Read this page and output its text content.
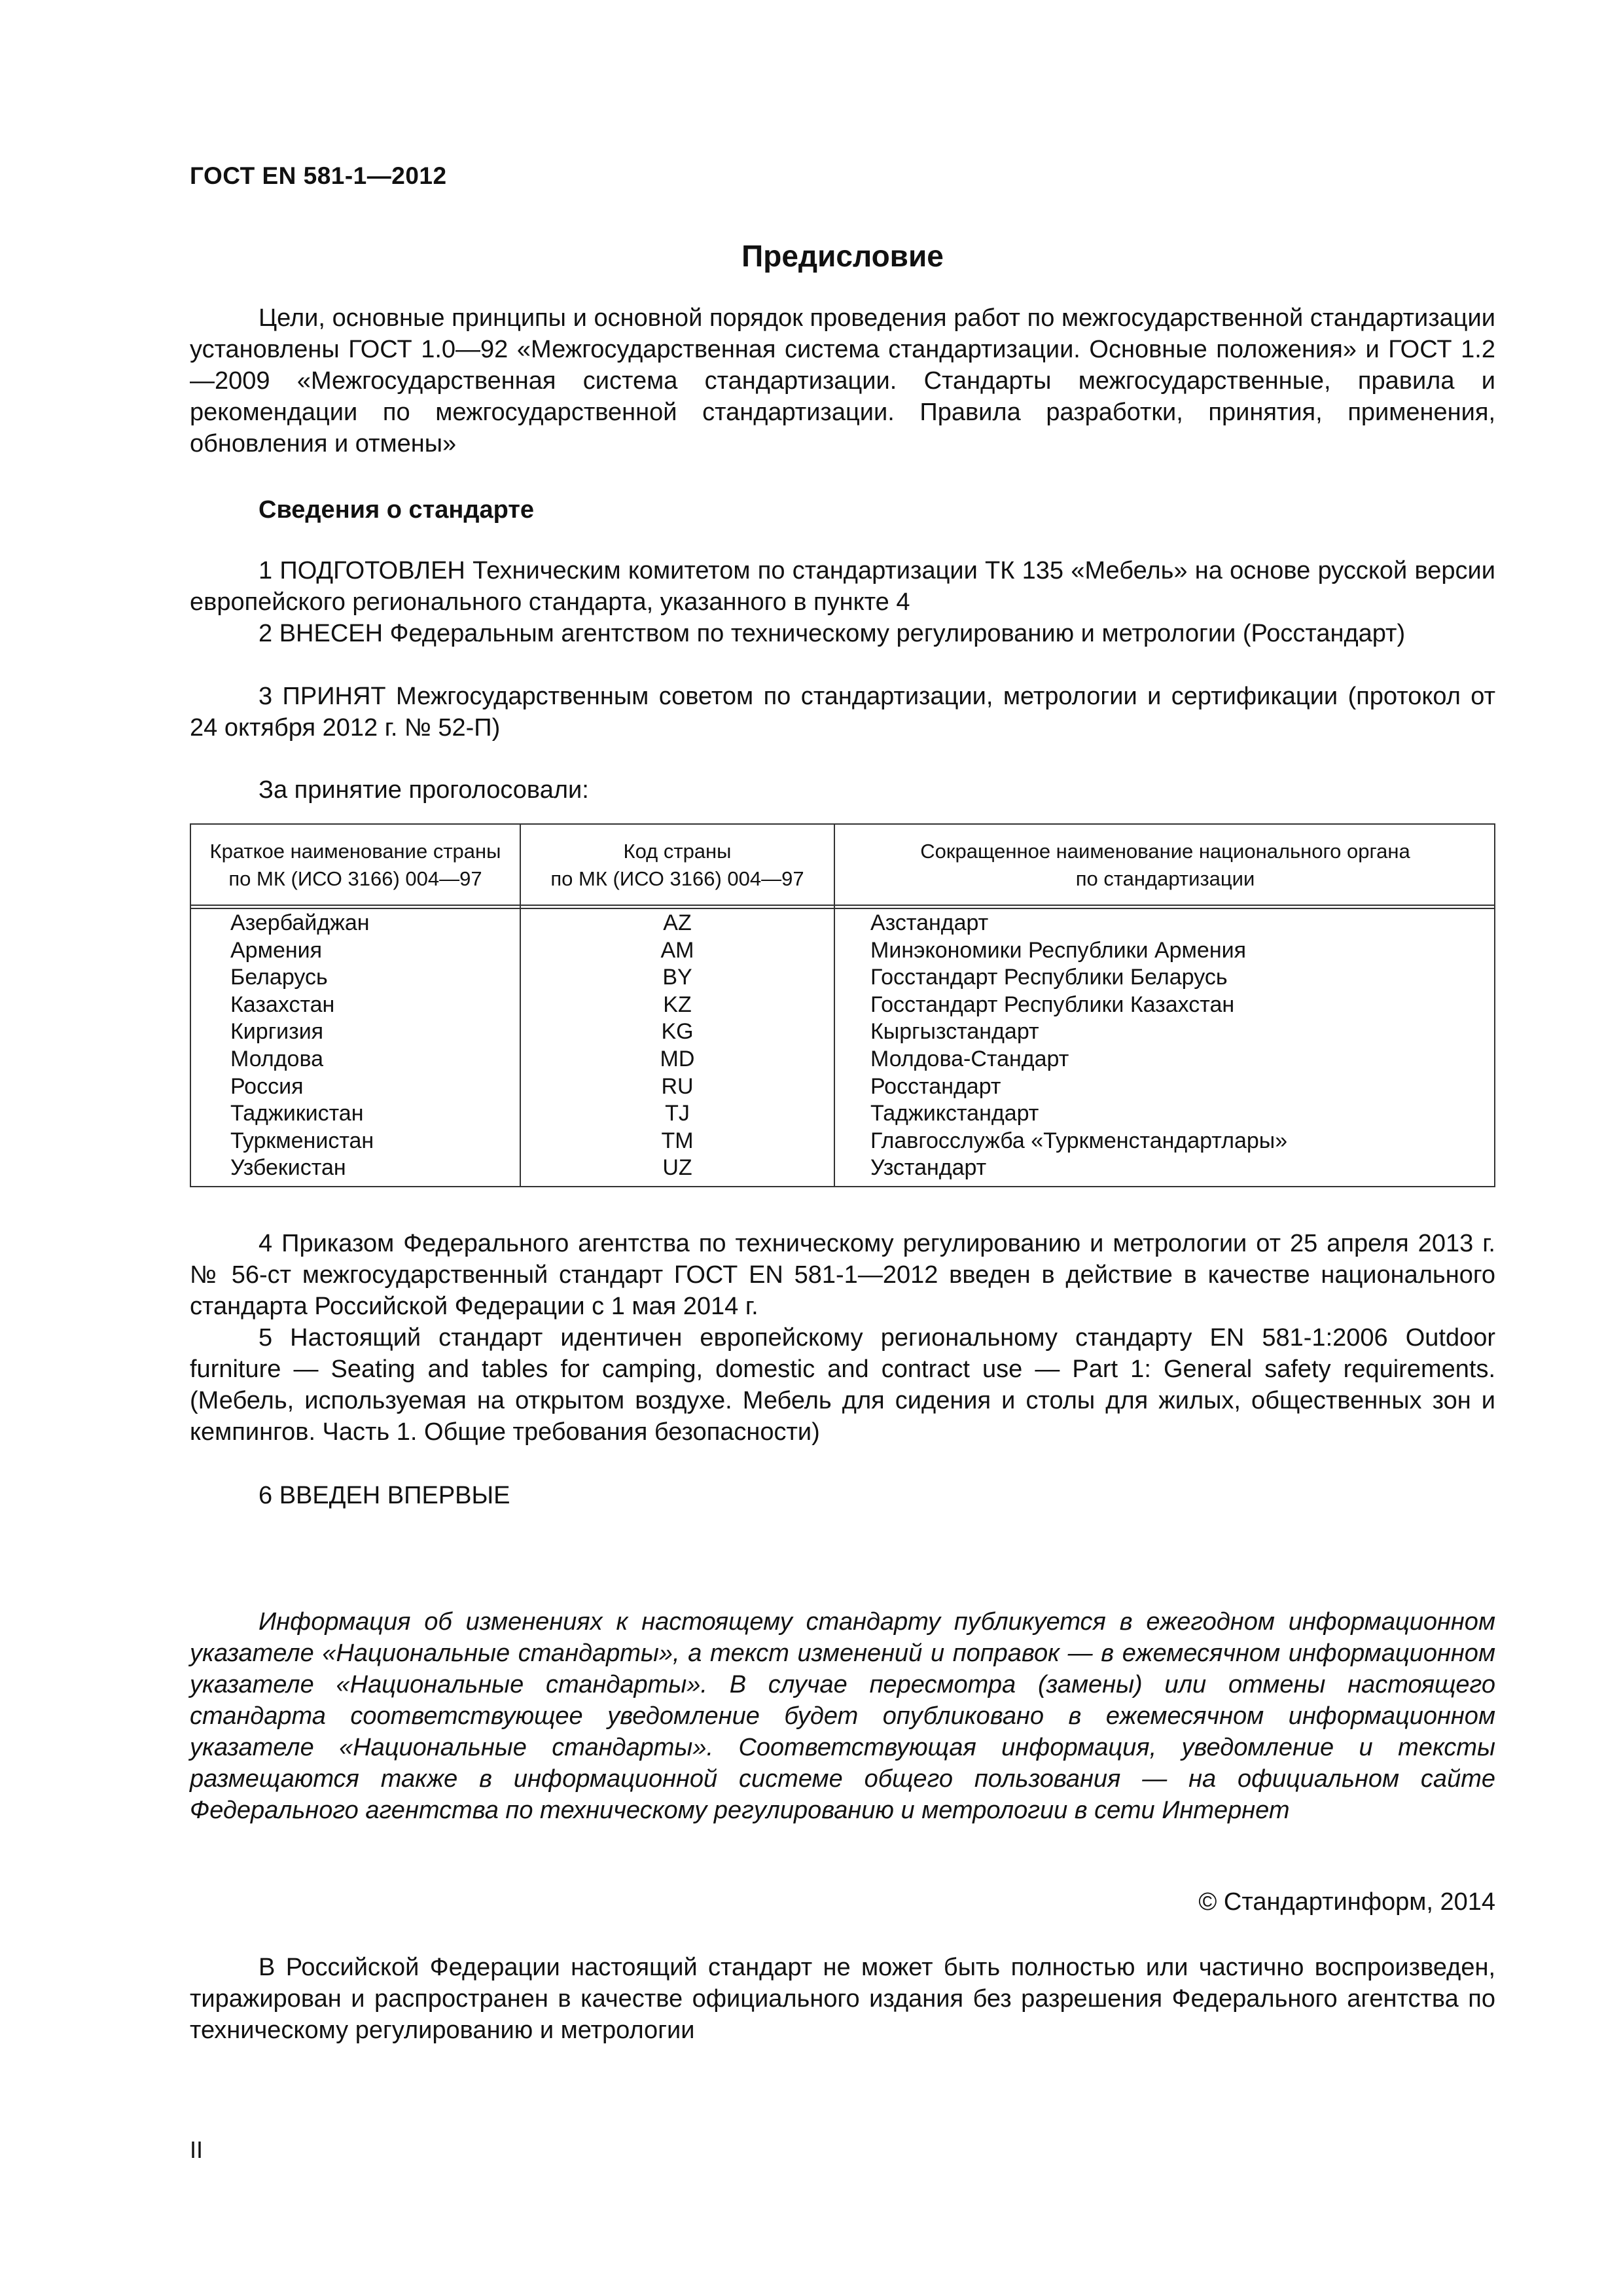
ГОСТ EN 581-1—2012
Предисловие

Цели, основные принципы и основной порядок проведения работ по межгосударственной стандартизации установлены ГОСТ 1.0—92 «Межгосударственная система стандартизации. Основные положения» и ГОСТ 1.2—2009 «Межгосударственная система стандартизации. Стандарты межгосударственные, правила и рекомендации по межгосударственной стандартизации. Правила разработки, принятия, применения, обновления и отмены»

Сведения о стандарте

1 ПОДГОТОВЛЕН Техническим комитетом по стандартизации ТК 135 «Мебель» на основе русской версии европейского регионального стандарта, указанного в пункте 4

2 ВНЕСЕН Федеральным агентством по техническому регулированию и метрологии (Росстандарт)

3 ПРИНЯТ Межгосударственным советом по стандартизации, метрологии и сертификации (протокол от 24 октября 2012 г. № 52-П)

За принятие проголосовали:
Краткое наименование страны
по МК (ИСО 3166) 004—97
Код страны
по МК (ИСО 3166) 004—97
Сокращенное наименование национального органа
по стандартизации
Азербайджан
Армения
Беларусь
Казахстан
Киргизия
Молдова
Россия
Таджикистан
Туркменистан
Узбекистан
AZ
AM
BY
KZ
KG
MD
RU
TJ
TM
UZ
Азстандарт
Минэкономики Республики Армения
Госстандарт Республики Беларусь
Госстандарт Республики Казахстан
Кыргызстандарт
Молдова-Стандарт
Росстандарт
Таджикстандарт
Главгосслужба «Туркменстандартлары»
Узстандарт

4 Приказом Федерального агентства по техническому регулированию и метрологии от 25 апреля 2013 г. № 56-ст межгосударственный стандарт ГОСТ EN 581-1—2012 введен в действие в качестве национального стандарта Российской Федерации с 1 мая 2014 г.

5 Настоящий стандарт идентичен европейскому региональному стандарту EN 581-1:2006 Outdoor furniture — Seating and tables for camping, domestic and contract use — Part 1: General safety requirements. (Мебель, используемая на открытом воздухе. Мебель для сидения и столы для жилых, общественных зон и кемпингов. Часть 1. Общие требования безопасности)

6 ВВЕДЕН ВПЕРВЫЕ

Информация об изменениях к настоящему стандарту публикуется в ежегодном информационном указателе «Национальные стандарты», а текст изменений и поправок — в ежемесячном информационном указателе «Национальные стандарты». В случае пересмотра (замены) или отмены настоящего стандарта соответствующее уведомление будет опубликовано в ежемесячном информационном указателе «Национальные стандарты». Соответствующая информация, уведомление и тексты размещаются также в информационной системе общего пользования — на официальном сайте Федерального агентства по техническому регулированию и метрологии в сети Интернет

© Стандартинформ, 2014

В Российской Федерации настоящий стандарт не может быть полностью или частично воспроизведен, тиражирован и распространен в качестве официального издания без разрешения Федерального агентства по техническому регулированию и метрологии

II
